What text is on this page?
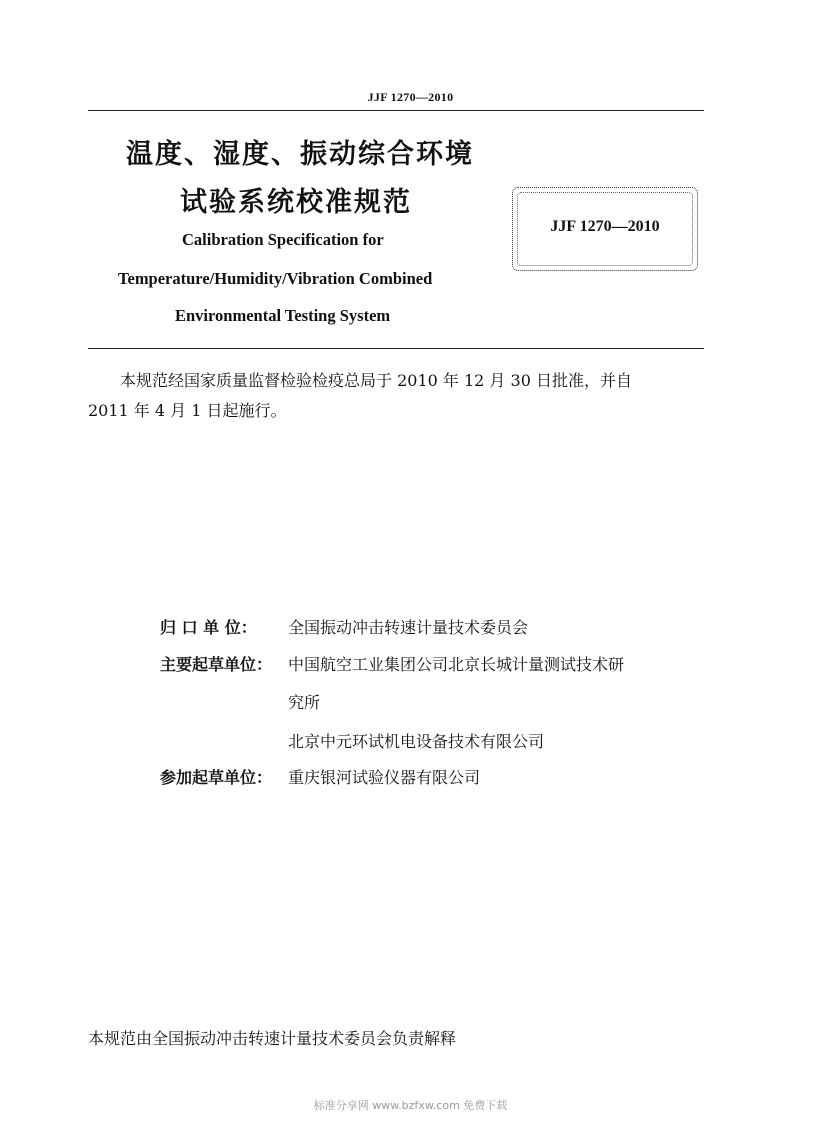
JJF 1270—2010
温度、湿度、振动综合环境
试验系统校准规范
Calibration Specification for
Temperature/Humidity/Vibration Combined
Environmental Testing System
JJF 1270—2010
本规范经国家质量监督检验检疫总局于 2010 年 12 月 30 日批准，并自
2011 年 4 月 1 日起施行。
归 口 单 位： 全国振动冲击转速计量技术委员会
主要起草单位： 中国航空工业集团公司北京长城计量测试技术研
究所
北京中元环试机电设备技术有限公司
参加起草单位： 重庆银河试验仪器有限公司
本规范由全国振动冲击转速计量技术委员会负责解释
标准分享网 www.bzfxw.com 免费下载
